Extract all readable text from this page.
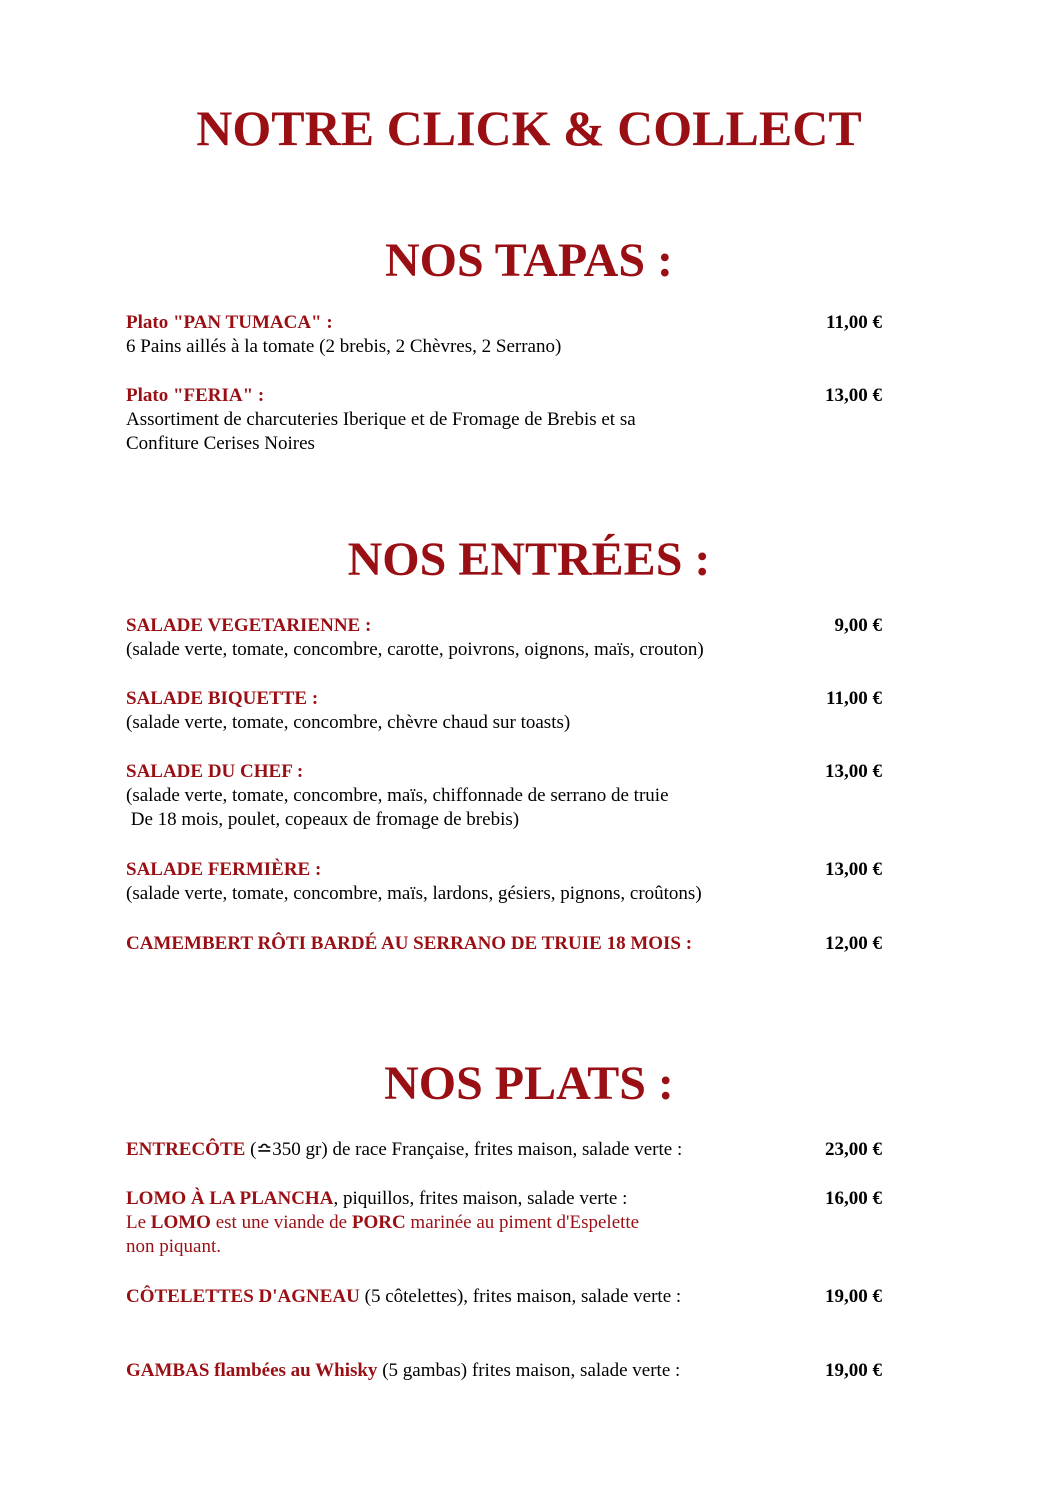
NOTRE CLICK & COLLECT
NOS TAPAS :
Plato "PAN TUMACA" :
6 Pains aillés à la tomate (2 brebis, 2 Chèvres, 2 Serrano)
11,00 €
Plato "FERIA" :
Assortiment de charcuteries Iberique et de Fromage de Brebis et sa
Confiture Cerises Noires
13,00 €
NOS ENTRÉES :
SALADE VEGETARIENNE :
(salade verte, tomate, concombre, carotte, poivrons, oignons, maïs, crouton)
9,00 €
SALADE BIQUETTE :
(salade verte, tomate, concombre, chèvre chaud sur toasts)
11,00 €
SALADE DU CHEF :
(salade verte, tomate, concombre, maïs, chiffonnade de serrano de truie
De 18 mois, poulet, copeaux de fromage de brebis)
13,00 €
SALADE FERMIÈRE :
(salade verte, tomate, concombre, maïs, lardons, gésiers, pignons, croûtons)
13,00 €
CAMEMBERT RÔTI BARDÉ AU SERRANO DE TRUIE 18 MOIS :	12,00 €
NOS PLATS :
ENTRECÔTE (≏350 gr) de race Française, frites maison, salade verte :	23,00 €
LOMO À LA PLANCHA, piquillos, frites maison, salade verte :
Le LOMO est une viande de PORC marinée au piment d'Espelette
non piquant.
16,00 €
CÔTELETTES D'AGNEAU (5 côtelettes), frites maison, salade verte :	19,00 €
GAMBAS flambées au Whisky (5 gambas) frites maison, salade verte :	19,00 €
